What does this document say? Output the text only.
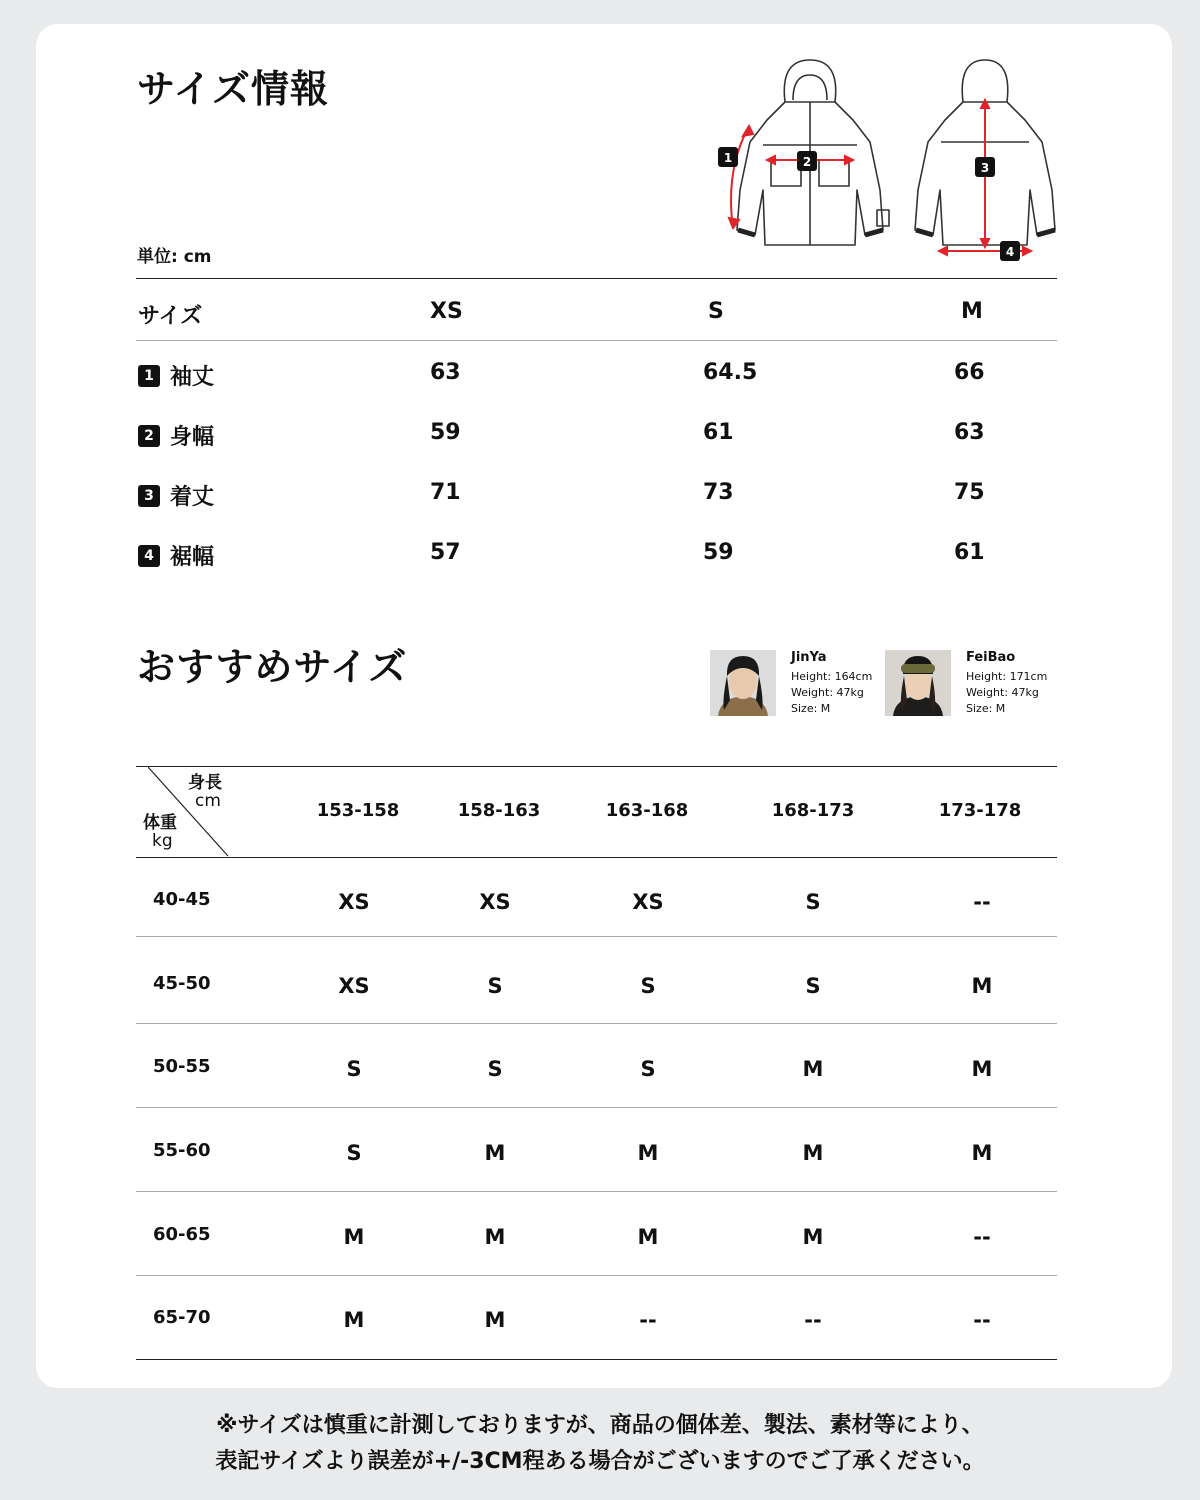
サイズ情報
単位: cm
1	2	3
4
サイズ	XS	S	M
1 袖丈	63	64.5	66
2 身幅	59	61	63
3 着丈	71	73	75
4 裾幅	57	59	61
おすすめサイズ	JinYa
Height: 164cm
Weight: 47kg
Size: M
FeiBao
Height: 171cm
Weight: 47kg
Size: M
身長
cm
体重
kg
153-158	158-163	163-168	168-173	173-178
40-45	XS	XS	XS	S	--
45-50	XS	S	S	S	M
50-55	S	S	S	M	M
55-60	S	M	M	M	M
60-65	M	M	M	M	--
65-70	M	M	--	--	--
※サイズは慎重に計測しておりますが、商品の個体差、製法、素材等により、
表記サイズより誤差が+/-3CM程ある場合がございますのでご了承ください。
